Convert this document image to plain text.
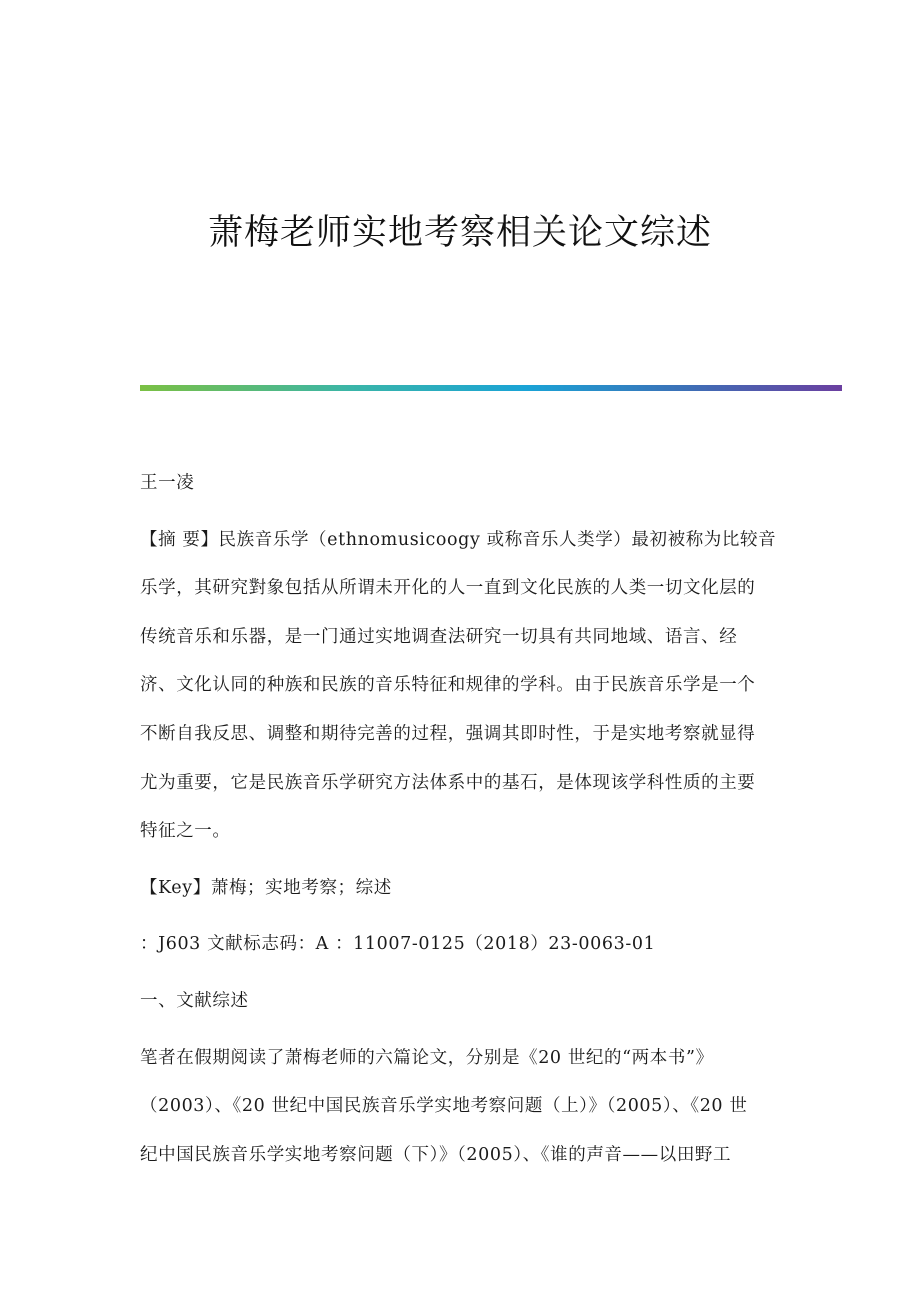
萧梅老师实地考察相关论文综述
王一凌
【摘 要】民族音乐学（ethnomusicoogy 或称音乐人类学）最初被称为比较音
乐学，其研究對象包括从所谓未开化的人一直到文化民族的人类一切文化层的
传统音乐和乐器，是一门通过实地调查法研究一切具有共同地域、语言、经
济、文化认同的种族和民族的音乐特征和规律的学科。由于民族音乐学是一个
不断自我反思、调整和期待完善的过程，强调其即时性，于是实地考察就显得
尤为重要，它是民族音乐学研究方法体系中的基石，是体现该学科性质的主要
特征之一。
【Key】萧梅；实地考察；综述
：J603 文献标志码：A ：11007-0125（2018）23-0063-01
一、文献综述
笔者在假期阅读了萧梅老师的六篇论文，分别是《20 世纪的“两本书”》
（2003）、《20 世纪中国民族音乐学实地考察问题（上）》（2005）、《20 世
纪中国民族音乐学实地考察问题（下）》（2005）、《谁的声音——以田野工
